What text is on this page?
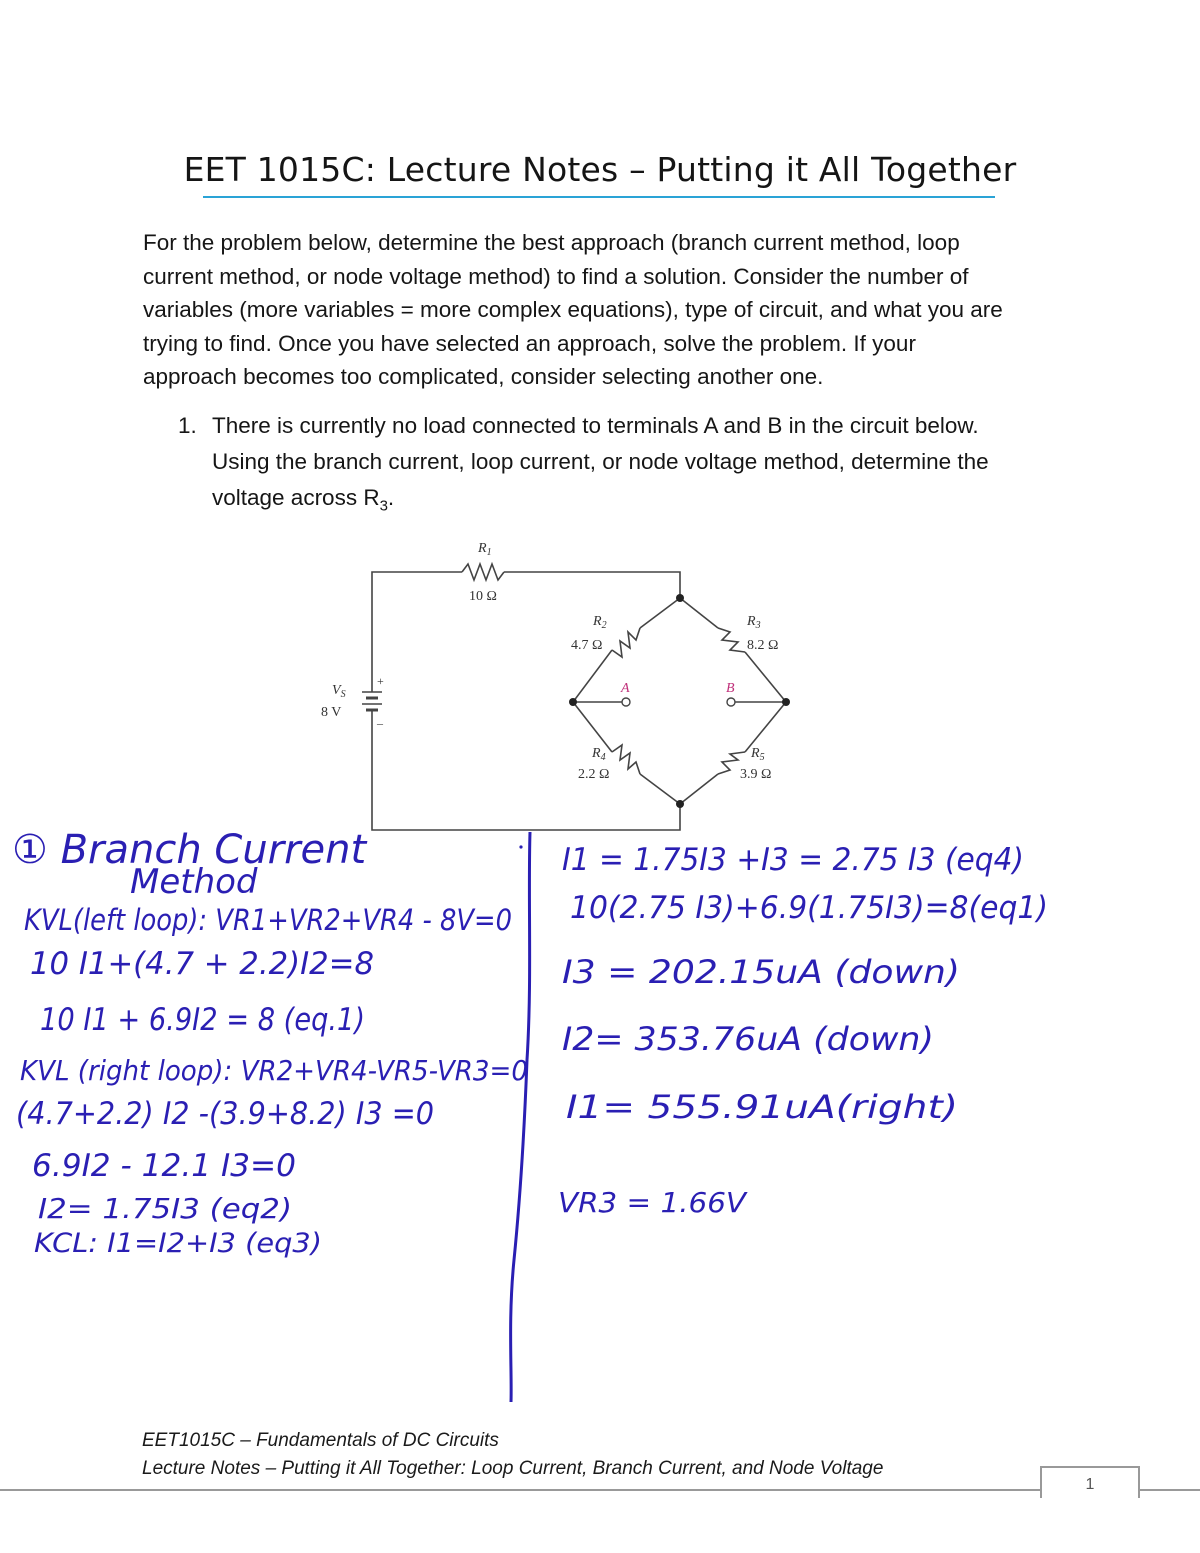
EET 1015C: Lecture Notes – Putting it All Together
For the problem below, determine the best approach (branch current method, loop
current method, or node voltage method) to find a solution. Consider the number of
variables (more variables = more complex equations), type of circuit, and what you are
trying to find. Once you have selected an approach, solve the problem. If your
approach becomes too complicated, consider selecting another one.
1. There is currently no load connected to terminals A and B in the circuit below.
Using the branch current, loop current, or node voltage method, determine the
voltage across $R_3$.
$R_1$
10 Ω
$R_2$
4.7 Ω
$R_3$
8.2 Ω
$R_4$
2.2 Ω
$R_5$
3.9 Ω
$V_S$
8 V
+
–
A	B
① Branch Current
Method
KVL(left loop): VR1+VR2+VR4 - 8V=0
10 I1+(4.7 + 2.2)I2=8
10 I1 + 6.9I2 = 8 (eq.1)
KVL (right loop): VR2+VR4-VR5-VR3=0
(4.7+2.2) I2 -(3.9+8.2) I3 =0
6.9I2 - 12.1 I3=0
I2= 1.75I3 (eq2)
KCL: I1=I2+I3 (eq3)
I1 = 1.75I3 +I3 = 2.75 I3 (eq4)
10(2.75 I3)+6.9(1.75I3)=8(eq1)
I3 = 202.15uA (down)
I2= 353.76uA (down)
I1= 555.91uA(right)
VR3 = 1.66V
EET1015C – Fundamentals of DC Circuits
Lecture Notes – Putting it All Together: Loop Current, Branch Current, and Node Voltage
1
